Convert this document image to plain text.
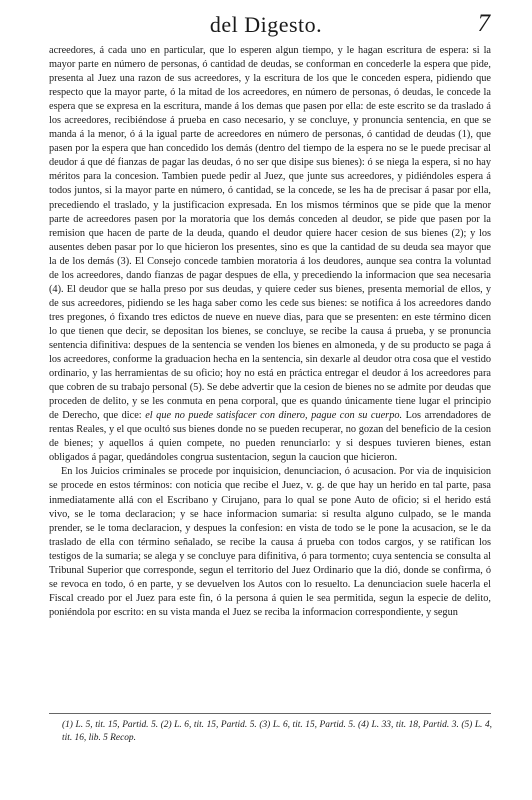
del Digesto.	7

acreedores, á cada uno en particular, que lo esperen algun tiempo, y le hagan escritura de espera: si la mayor parte en número de personas, ó cantidad de deudas, se conforman en concederle la espera que pide, presenta al Juez una razon de sus acreedores, y la escritura de los que le conceden espera, pidiendo que respecto que la mayor parte, ó la mitad de los acreedores, en número de personas, ó deudas, le concede la espera que se expresa en la escritura, mande á los demas que pasen por ella: de este escrito se da traslado á los acreedores, recibiéndose á prueba en caso necesario, y se concluye, y pronuncia sentencia, en que se manda á la menor, ó á la igual parte de acreedores en número de personas, ó cantidad de deudas (1), que pasen por la espera que han concedido los demás (dentro del tiempo de la espera no se le puede precisar al deudor á que dé fianzas de pagar las deudas, ó no ser que disipe sus bienes): ó se niega la espera, si no hay méritos para la concesion. Tambien puede pedir al Juez, que junte sus acreedores, y pidiéndoles espera á todos juntos, si la mayor parte en número, ó cantidad, se la concede, se les ha de precisar á pasar por ella, precediendo el traslado, y la justificacion expresada. En los mismos términos que se pide que la menor parte de acreedores pasen por la moratoria que los demás conceden al deudor, se pide que pasen por la remision que hacen de parte de la deuda, quando el deudor quiere hacer cesion de sus bienes (2); y los ausentes deben pasar por lo que hicieron los presentes, sino es que la cantidad de su deuda sea mayor que la de los demás (3). El Consejo concede tambien moratoria á los deudores, aunque sea contra la voluntad de los acreedores, dando fianzas de pagar despues de ella, y precediendo la informacion que sea necesaria (4). El deudor que se halla preso por sus deudas, y quiere ceder sus bienes, presenta memorial de ellos, y de sus acreedores, pidiendo se les haga saber como les cede sus bienes: se notifica á los acreedores dando tres pregones, ó fixando tres edictos de nueve en nueve dias, para que se presenten: en este término dicen lo que tienen que decir, se depositan los bienes, se concluye, se recibe la causa á prueba, y se pronuncia sentencia difinitiva: despues de la sentencia se venden los bienes en almoneda, y de su producto se paga á los acreedores, conforme la graduacion hecha en la sentencia, sin dexarle al deudor otra cosa que el vestido ordinario, y las herramientas de su oficio; hoy no está en práctica entregar el deudor á los acreedores para que cobren de su trabajo personal (5). Se debe advertir que la cesion de bienes no se admite por deudas que proceden de delito, y se les conmuta en pena corporal, que es quando únicamente tiene lugar el principio de Derecho, que dice: el que no puede satisfacer con dinero, pague con su cuerpo. Los arrendadores de rentas Reales, y el que ocultó sus bienes donde no se pueden recuperar, no gozan del beneficio de la cesion de bienes; y aquellos á quien compete, no pueden renunciarlo: y si despues tuvieren bienes, estan obligados á pagar, quedándoles congrua sustentacion, segun la caucion que hicieron.

En los Juicios criminales se procede por inquisicion, denunciacion, ó acusacion. Por via de inquisicion se procede en estos términos: con noticia que recibe el Juez, v. g. de que hay un herido en tal parte, pasa inmediatamente allá con el Escribano y Cirujano, para lo qual se pone Auto de oficio; si el herido está vivo, se le toma declaracion; y se hace informacion sumaria: si resulta alguno culpado, se le manda prender, se le toma declaracion, y despues la confesion: en vista de todo se le pone la acusacion, se le da traslado de ella con término señalado, se recibe la causa á prueba con todos cargos, y se ratifican los testigos de la sumaria; se alega y se concluye para difinitiva, ó para tormento; cuya sentencia se consulta al Tribunal Superior que corresponde, segun el territorio del Juez Ordinario que la dió, donde se confirma, ó se revoca en todo, ó en parte, y se devuelven los Autos con lo resuelto. La denunciacion suele hacerla el Fiscal creado por el Juez para este fin, ó la persona á quien le sea permitida, segun la especie de delito, poniéndola por escrito: en su vista manda el Juez se reciba la informacion correspondiente, y segun

(1) L. 5, tit. 15, Partid. 5. (2) L. 6, tit. 15, Partid. 5. (3) L. 6, tit. 15, Partid. 5. (4) L. 33, tit. 18, Partid. 3. (5) L. 4, tit. 16, lib. 5 Recop.
